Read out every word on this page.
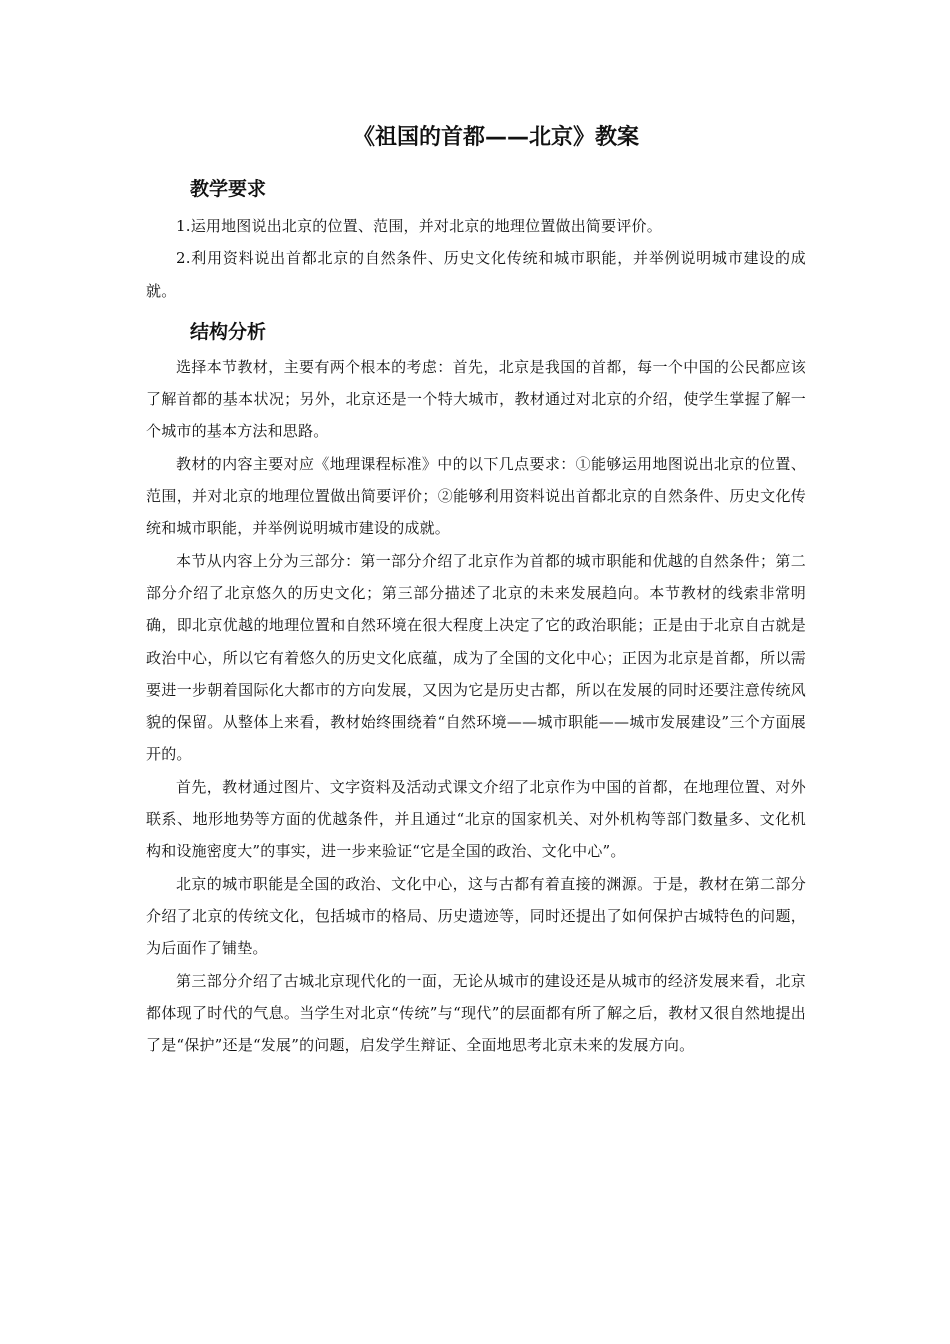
《祖国的首都——北京》教案
教学要求

1.运用地图说出北京的位置、范围，并对北京的地理位置做出简要评价。

2.利用资料说出首都北京的自然条件、历史文化传统和城市职能，并举例说明城市建设的成就。

结构分析

选择本节教材，主要有两个根本的考虑：首先，北京是我国的首都，每一个中国的公民都应该了解首都的基本状况；另外，北京还是一个特大城市，教材通过对北京的介绍，使学生掌握了解一个城市的基本方法和思路。

教材的内容主要对应《地理课程标准》中的以下几点要求：①能够运用地图说出北京的位置、范围，并对北京的地理位置做出简要评价；②能够利用资料说出首都北京的自然条件、历史文化传统和城市职能，并举例说明城市建设的成就。

本节从内容上分为三部分：第一部分介绍了北京作为首都的城市职能和优越的自然条件；第二部分介绍了北京悠久的历史文化；第三部分描述了北京的未来发展趋向。本节教材的线索非常明确，即北京优越的地理位置和自然环境在很大程度上决定了它的政治职能；正是由于北京自古就是政治中心，所以它有着悠久的历史文化底蕴，成为了全国的文化中心；正因为北京是首都，所以需要进一步朝着国际化大都市的方向发展，又因为它是历史古都，所以在发展的同时还要注意传统风貌的保留。从整体上来看，教材始终围绕着“自然环境——城市职能——城市发展建设”三个方面展开的。

首先，教材通过图片、文字资料及活动式课文介绍了北京作为中国的首都，在地理位置、对外联系、地形地势等方面的优越条件，并且通过“北京的国家机关、对外机构等部门数量多、文化机构和设施密度大”的事实，进一步来验证“它是全国的政治、文化中心”。

北京的城市职能是全国的政治、文化中心，这与古都有着直接的渊源。于是，教材在第二部分介绍了北京的传统文化，包括城市的格局、历史遗迹等，同时还提出了如何保护古城特色的问题，为后面作了铺垫。

第三部分介绍了古城北京现代化的一面，无论从城市的建设还是从城市的经济发展来看，北京都体现了时代的气息。当学生对北京“传统”与“现代”的层面都有所了解之后，教材又很自然地提出了是“保护”还是“发展”的问题，启发学生辩证、全面地思考北京未来的发展方向。
